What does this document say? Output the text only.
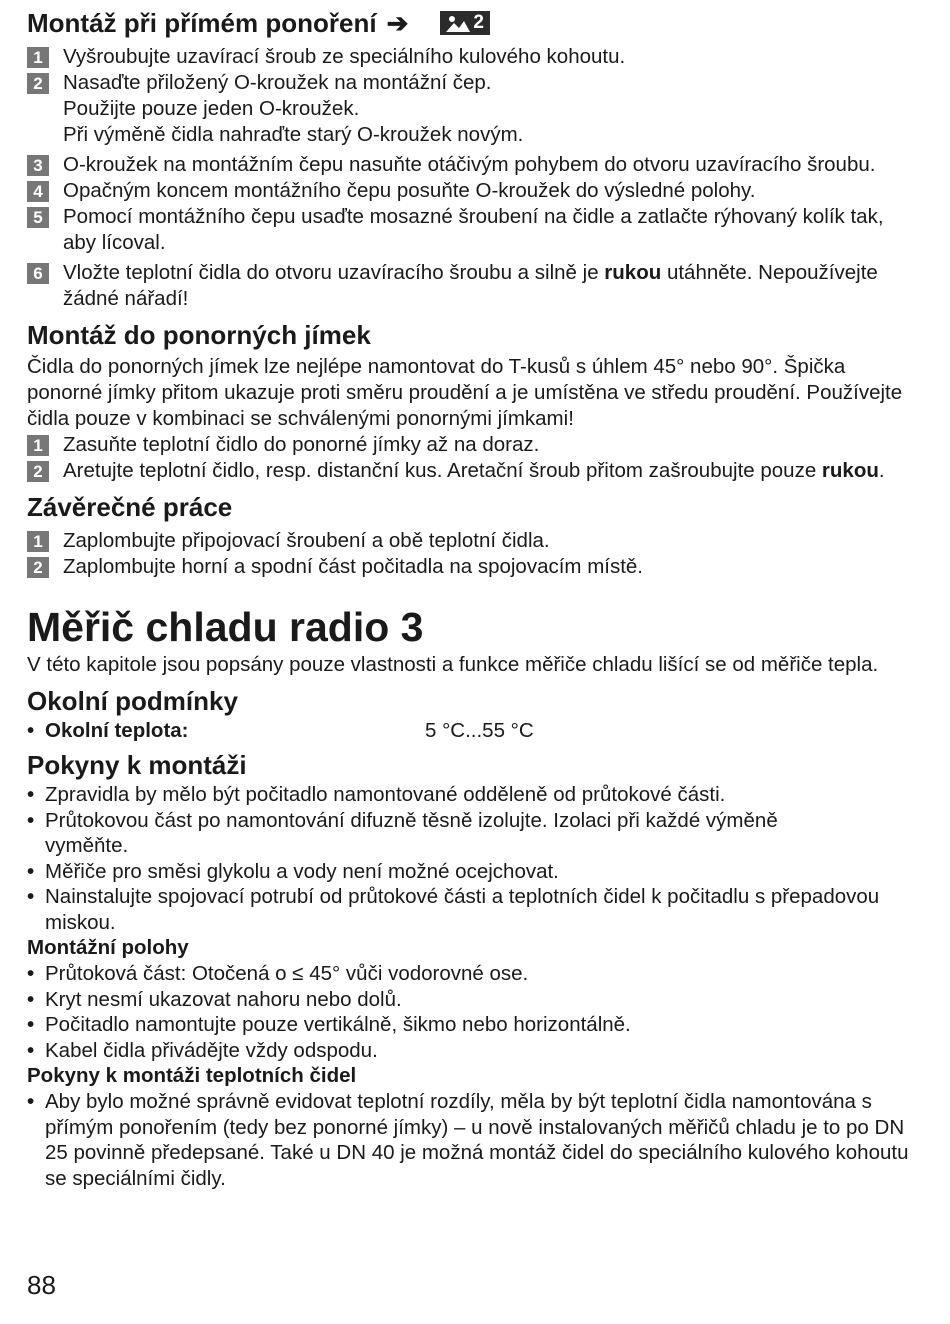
Montáž při přímém ponoření ➔	2
1 Vyšroubujte uzavírací šroub ze speciálního kulového kohoutu.

2 Nasaďte přiložený O-kroužek na montážní čep.

Použijte pouze jeden O-kroužek.

Při výměně čidla nahraďte starý O-kroužek novým.

3 O-kroužek na montážním čepu nasuňte otáčivým pohybem do otvoru uzavíracího šroubu.

4 Opačným koncem montážního čepu posuňte O-kroužek do výsledné polohy.

5 Pomocí montážního čepu usaďte mosazné šroubení na čidle a zatlačte rýhovaný kolík tak, aby lícoval.

6 Vložte teplotní čidla do otvoru uzavíracího šroubu a silně je rukou utáhněte. Nepoužívejte žádné nářadí!

Montáž do ponorných jímek

Čidla do ponorných jímek lze nejlépe namontovat do T-kusů s úhlem 45° nebo 90°. Špička ponorné jímky přitom ukazuje proti směru proudění a je umístěna ve středu proudění. Používejte čidla pouze v kombinaci se schválenými ponornými jímkami!

1 Zasuňte teplotní čidlo do ponorné jímky až na doraz.

2 Aretujte teplotní čidlo, resp. distanční kus. Aretační šroub přitom zašroubujte pouze rukou.

Závěrečné práce
1 Zaplombujte připojovací šroubení a obě teplotní čidla.

2 Zaplombujte horní a spodní část počitadla na spojovacím místě.

Měřič chladu radio 3

V této kapitole jsou popsány pouze vlastnosti a funkce měřiče chladu lišící se od měřiče tepla.

Okolní podmínky
• Okolní teplota:	5 °C...55 °C
Pokyny k montáži
• Zpravidla by mělo být počitadlo namontované odděleně od průtokové části.
• Průtokovou část po namontování difuzně těsně izolujte. Izolaci při každé výměně vyměňte.
• Měřiče pro směsi glykolu a vody není možné ocejchovat.
• Nainstalujte spojovací potrubí od průtokové části a teplotních čidel k počitadlu s přepadovou miskou.

Montážní polohy

• Průtoková část: Otočená o ≤ 45° vůči vodorovné ose.
• Kryt nesmí ukazovat nahoru nebo dolů.
• Počitadlo namontujte pouze vertikálně, šikmo nebo horizontálně.
• Kabel čidla přivádějte vždy odspodu.

Pokyny k montáži teplotních čidel

• Aby bylo možné správně evidovat teplotní rozdíly, měla by být teplotní čidla namontována s přímým ponořením (tedy bez ponorné jímky) – u nově instalovaných měřičů chladu je to po DN 25 povinně předepsané. Také u DN 40 je možná montáž čidel do speciálního kulového kohoutu se speciálními čidly.
88
